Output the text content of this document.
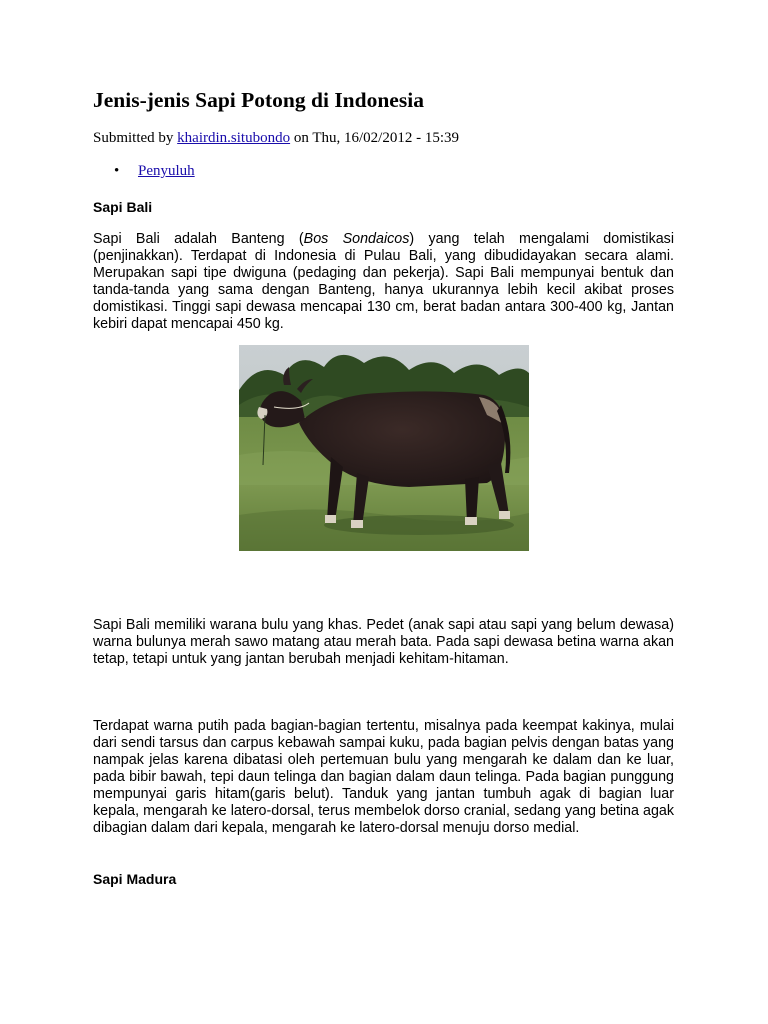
Jenis-jenis Sapi Potong di Indonesia
Submitted by khairdin.situbondo on Thu, 16/02/2012 - 15:39
• Penyuluh
Sapi Bali

Sapi Bali adalah Banteng (Bos Sondaicos) yang telah mengalami domistikasi (penjinakkan). Terdapat di Indonesia di Pulau Bali, yang dibudidayakan secara alami. Merupakan sapi tipe dwiguna (pedaging dan pekerja). Sapi Bali mempunyai bentuk dan tanda-tanda yang sama dengan Banteng, hanya ukurannya lebih kecil akibat proses domistikasi. Tinggi sapi dewasa mencapai 130 cm, berat badan antara 300-400 kg, Jantan kebiri dapat mencapai 450 kg.

Sapi Bali memiliki warana bulu yang khas. Pedet (anak sapi atau sapi yang belum dewasa) warna bulunya merah sawo matang atau merah bata. Pada sapi dewasa betina warna akan tetap, tetapi untuk yang jantan berubah menjadi kehitam-hitaman.

Terdapat warna putih pada bagian-bagian tertentu, misalnya pada keempat kakinya, mulai dari sendi tarsus dan carpus kebawah sampai kuku, pada bagian pelvis dengan batas yang nampak jelas karena dibatasi oleh pertemuan bulu yang mengarah ke dalam dan ke luar, pada bibir bawah, tepi daun telinga dan bagian dalam daun telinga. Pada bagian punggung mempunyai garis hitam(garis belut). Tanduk yang jantan tumbuh agak di bagian luar kepala, mengarah ke latero-dorsal, terus membelok dorso cranial, sedang yang betina agak dibagian dalam dari kepala, mengarah ke latero-dorsal menuju dorso medial.

Sapi Madura
